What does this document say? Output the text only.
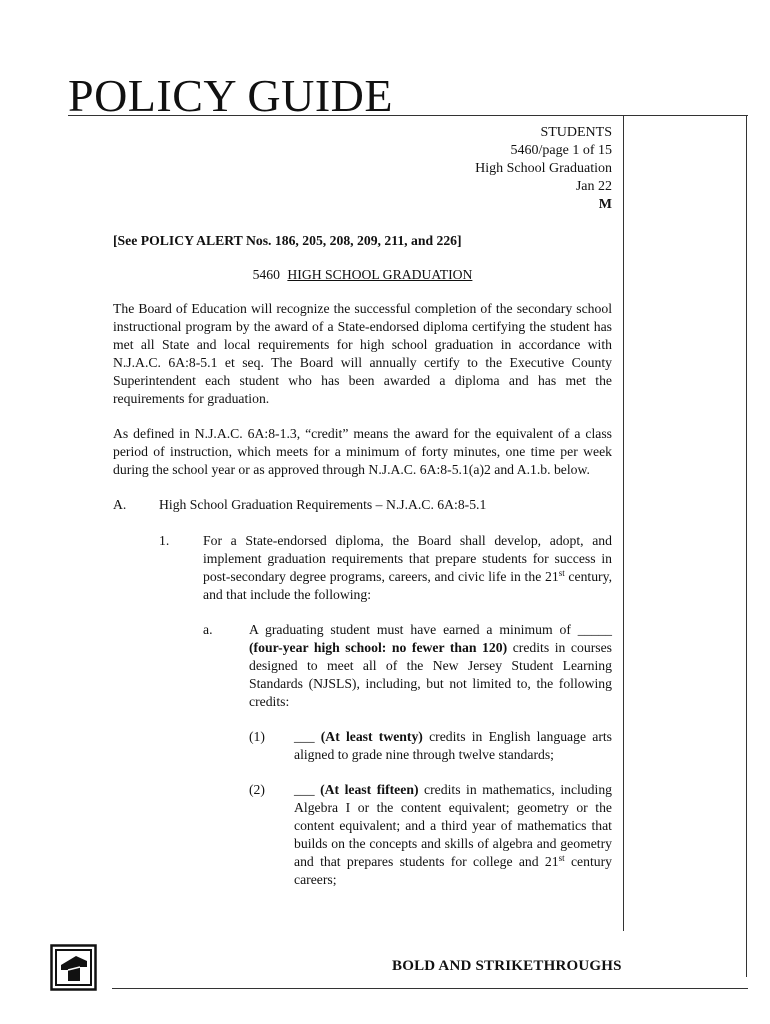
POLICY GUIDE
STUDENTS
5460/page 1 of 15
High School Graduation
Jan 22
M

[See POLICY ALERT Nos. 186, 205, 208, 209, 211, and 226]

5460 HIGH SCHOOL GRADUATION

The Board of Education will recognize the successful completion of the secondary school instructional program by the award of a State-endorsed diploma certifying the student has met all State and local requirements for high school graduation in accordance with N.J.A.C. 6A:8-5.1 et seq. The Board will annually certify to the Executive County Superintendent each student who has been awarded a diploma and has met the requirements for graduation.

As defined in N.J.A.C. 6A:8-1.3, “credit” means the award for the equivalent of a class period of instruction, which meets for a minimum of forty minutes, one time per week during the school year or as approved through N.J.A.C. 6A:8-5.1(a)2 and A.1.b. below.

A.	High School Graduation Requirements – N.J.A.C. 6A:8-5.1
1.	For a State-endorsed diploma, the Board shall develop, adopt, and implement graduation requirements that prepare students for success in post-secondary degree programs, careers, and civic life in the 21st century, and that include the following:
a.	A graduating student must have earned a minimum of _____ (four-year high school: no fewer than 120) credits in courses designed to meet all of the New Jersey Student Learning Standards (NJSLS), including, but not limited to, the following credits:
(1)	___ (At least twenty) credits in English language arts aligned to grade nine through twelve standards;
(2)	___ (At least fifteen) credits in mathematics, including Algebra I or the content equivalent; geometry or the content equivalent; and a third year of mathematics that builds on the concepts and skills of algebra and geometry and that prepares students for college and 21st century careers;
BOLD AND STRIKETHROUGHS
